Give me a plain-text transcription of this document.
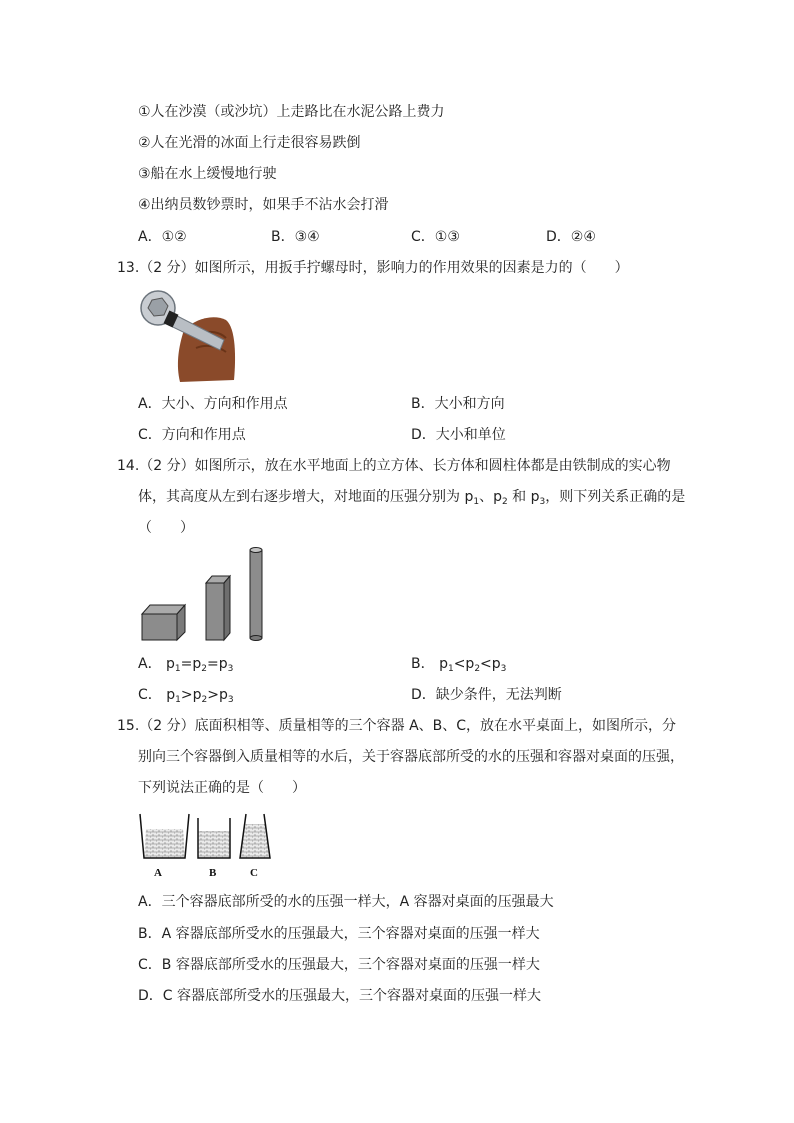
①人在沙漠（或沙坑）上走路比在水泥公路上费力
②人在光滑的冰面上行走很容易跌倒
③船在水上缓慢地行驶
④出纳员数钞票时，如果手不沾水会打滑
A．①②	B．③④	C．①③	D．②④
13.（2 分）如图所示，用扳手拧螺母时，影响力的作用效果的因素是力的（　　）
A．大小、方向和作用点	B．大小和方向
C．方向和作用点	D．大小和单位
14.（2 分）如图所示，放在水平地面上的立方体、长方体和圆柱体都是由铁制成的实心物
体，其高度从左到右逐步增大，对地面的压强分别为 $p_1$、$p_2$ 和 $p_3$，则下列关系正确的是
（　　）
A． $p_1=p_2=p_3$	B． $p_1<p_2<p_3$
C． $p_1>p_2>p_3$	D．缺少条件，无法判断
15.（2 分）底面积相等、质量相等的三个容器 A、B、C，放在水平桌面上，如图所示，分
别向三个容器倒入质量相等的水后，关于容器底部所受的水的压强和容器对桌面的压强，
下列说法正确的是（　　）
A	B	C
A．三个容器底部所受的水的压强一样大，A 容器对桌面的压强最大
B．A 容器底部所受水的压强最大，三个容器对桌面的压强一样大
C．B 容器底部所受水的压强最大，三个容器对桌面的压强一样大
D．C 容器底部所受水的压强最大，三个容器对桌面的压强一样大
